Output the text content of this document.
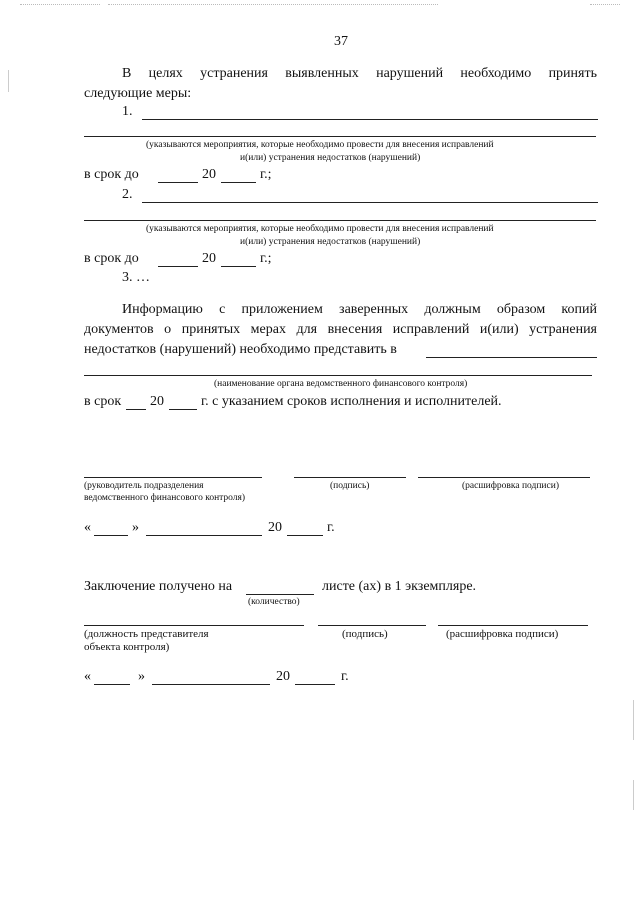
37
В целях устранения выявленных нарушений необходимо принять
следующие меры:
1.
(указываются мероприятия, которые необходимо провести для внесения исправлений
и(или) устранения недостатков (нарушений)
в срок до	20	г.;
2.
(указываются мероприятия, которые необходимо провести для внесения исправлений
и(или) устранения недостатков (нарушений)
в срок до	20	г.;
3. …
Информацию с приложением заверенных должным образом копий
документов о принятых мерах для внесения исправлений и(или) устранения
недостатков (нарушений) необходимо представить в
(наименование органа ведомственного финансового контроля)
в срок 20	г. с указанием сроков исполнения и исполнителей.
(руководитель подразделения
ведомственного финансового контроля)
(подпись)	(расшифровка подписи)
«	»	20	г.
Заключение получено на	листе (ах) в 1 экземпляре.
(количество)
(должность представителя
объекта контроля)
(подпись)	(расшифровка подписи)
«	»	20	г.
